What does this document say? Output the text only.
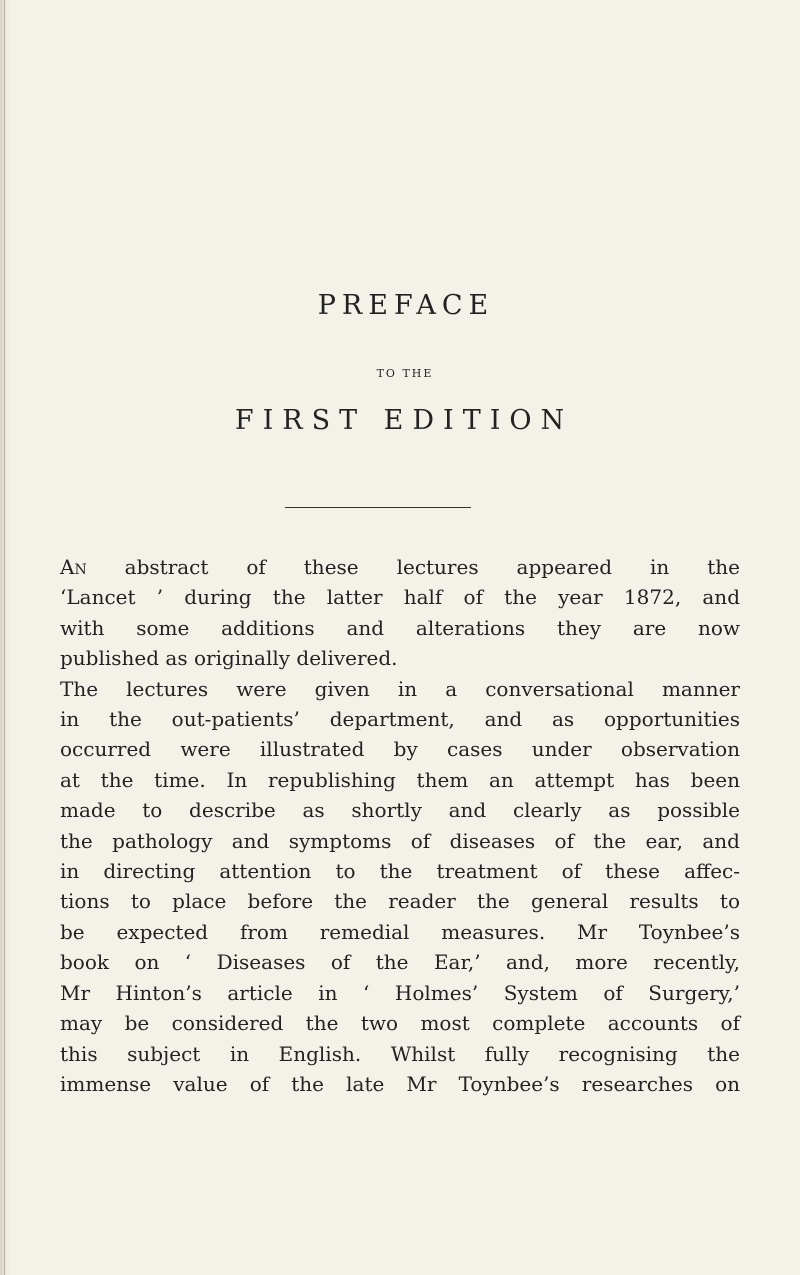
PREFACE
TO THE
FIRST EDITION

An abstract of these lectures appeared in the
‘Lancet ’ during the latter half of the year 1872, and
with some additions and alterations they are now
published as originally delivered.

The lectures were given in a conversational manner
in the out-patients’ department, and as opportunities
occurred were illustrated by cases under observation
at the time. In republishing them an attempt has been
made to describe as shortly and clearly as possible
the pathology and symptoms of diseases of the ear, and
in directing attention to the treatment of these affec-
tions to place before the reader the general results to
be expected from remedial measures. Mr Toynbee’s
book on ‘ Diseases of the Ear,’ and, more recently,
Mr Hinton’s article in ‘ Holmes’ System of Surgery,’
may be considered the two most complete accounts of
this subject in English. Whilst fully recognising the
immense value of the late Mr Toynbee’s researches on
